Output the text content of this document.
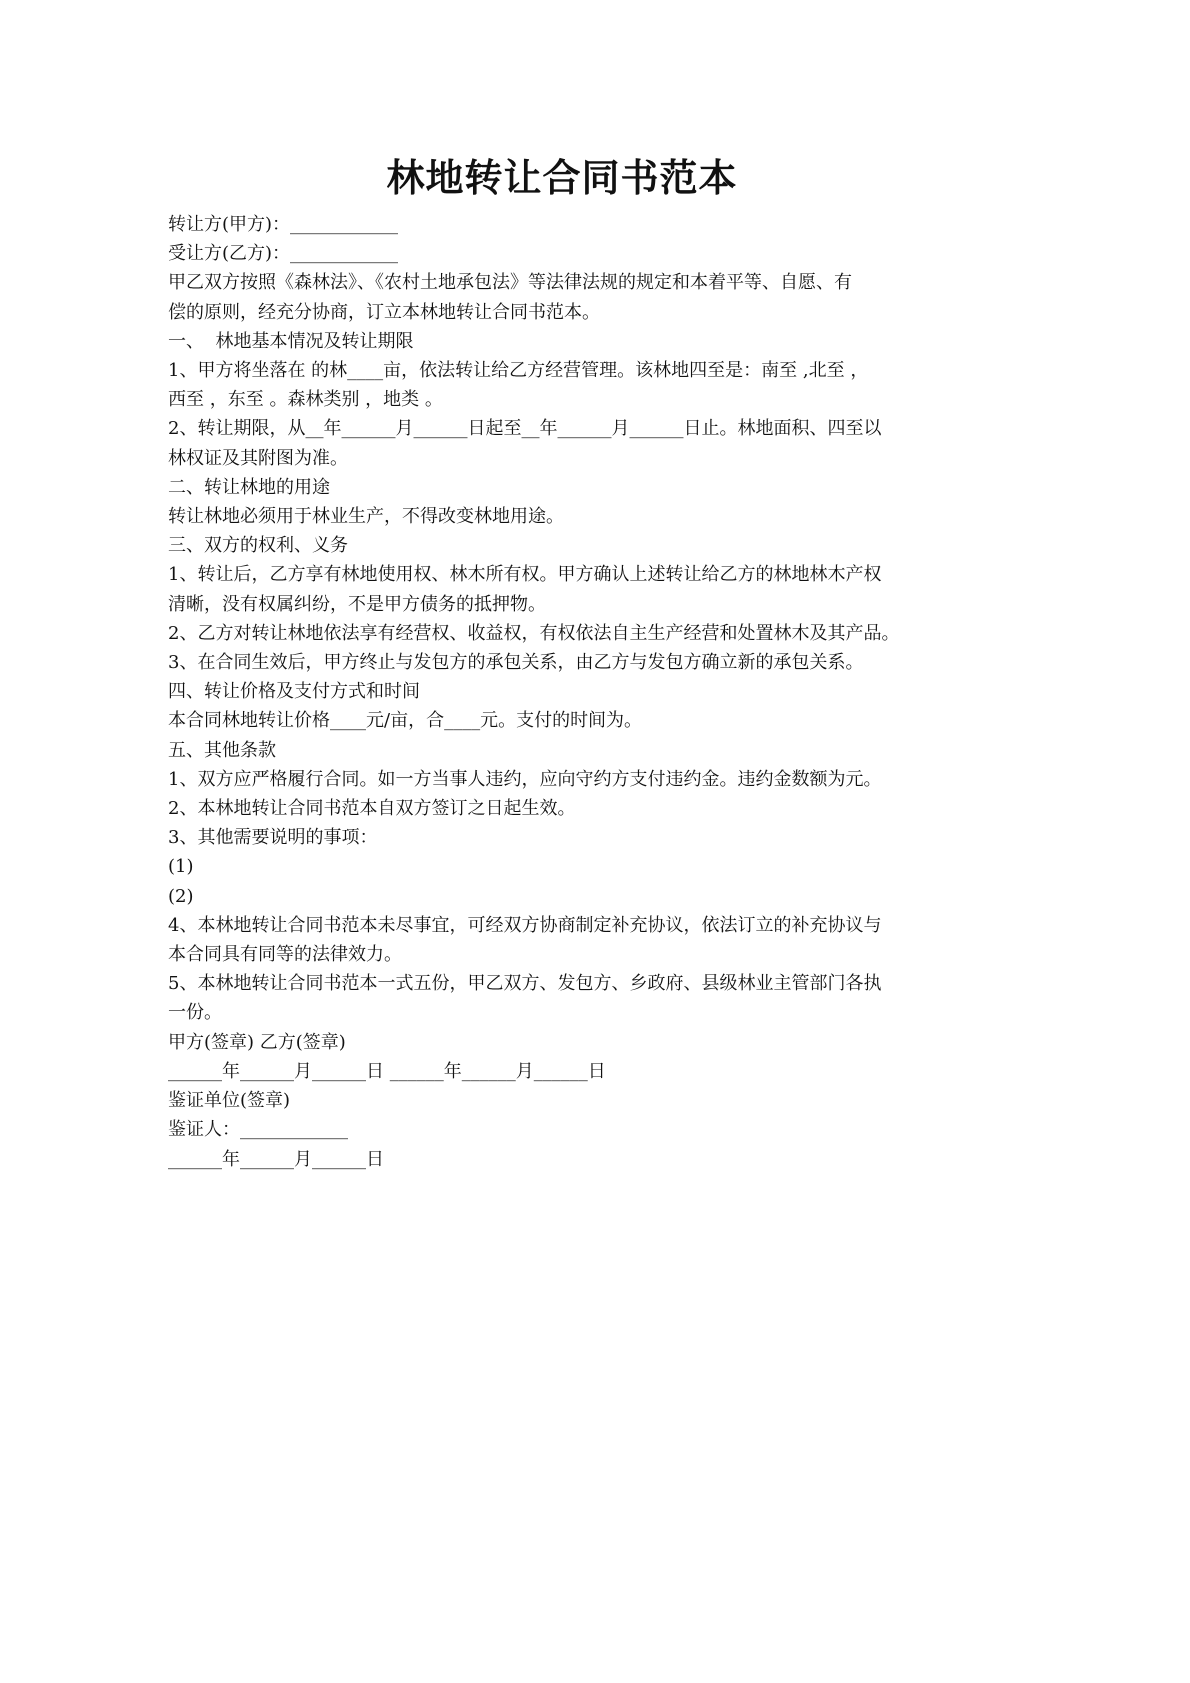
林地转让合同书范本

转让方(甲方)：____________

受让方(乙方)：____________

甲乙双方按照《森林法》、《农村土地承包法》等法律法规的规定和本着平等、自愿、有

偿的原则，经充分协商，订立本林地转让合同书范本。

一、  林地基本情况及转让期限

1、甲方将坐落在 的林____亩，依法转让给乙方经营管理。该林地四至是：南至 ,北至 ，

西至 ，东至 。森林类别 ，地类 。

2、转让期限，从__年______月______日起至__年______月______日止。林地面积、四至以

林权证及其附图为准。

二、转让林地的用途

转让林地必须用于林业生产，不得改变林地用途。

三、双方的权利、义务

1、转让后，乙方享有林地使用权、林木所有权。甲方确认上述转让给乙方的林地林木产权

清晰，没有权属纠纷，不是甲方债务的抵押物。

2、乙方对转让林地依法享有经营权、收益权，有权依法自主生产经营和处置林木及其产品。

3、在合同生效后，甲方终止与发包方的承包关系，由乙方与发包方确立新的承包关系。

四、转让价格及支付方式和时间

本合同林地转让价格____元/亩，合____元。支付的时间为。

五、其他条款

1、双方应严格履行合同。如一方当事人违约，应向守约方支付违约金。违约金数额为元。

2、本林地转让合同书范本自双方签订之日起生效。

3、其他需要说明的事项：

(1)

(2)

4、本林地转让合同书范本未尽事宜，可经双方协商制定补充协议，依法订立的补充协议与

本合同具有同等的法律效力。

5、本林地转让合同书范本一式五份，甲乙双方、发包方、乡政府、县级林业主管部门各执

一份。

甲方(签章) 乙方(签章)

______年______月______日 ______年______月______日

鉴证单位(签章)

鉴证人：____________

______年______月______日
